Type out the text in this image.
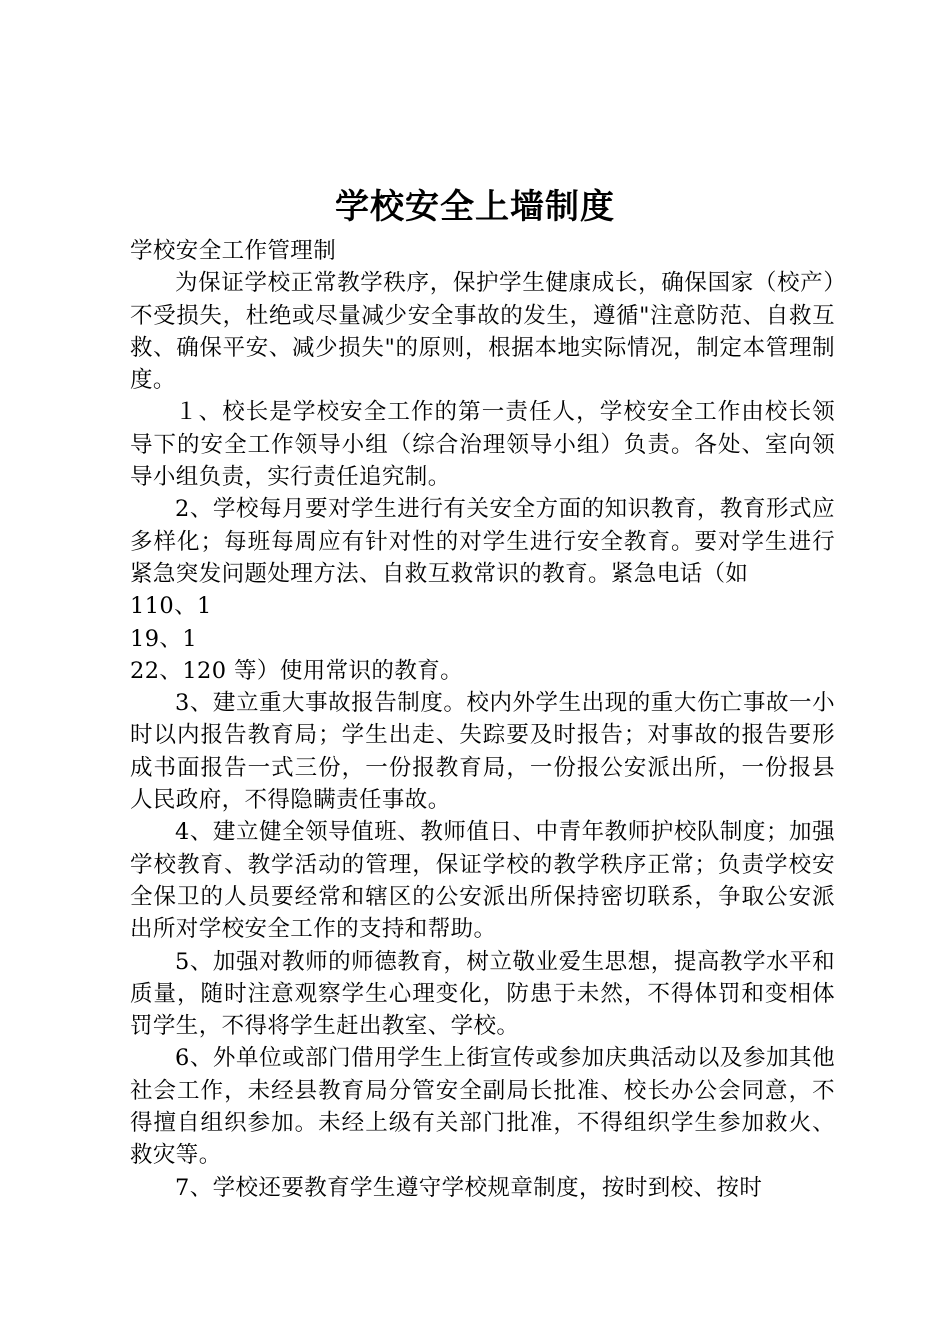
学校安全上墙制度

学校安全工作管理制

为保证学校正常教学秩序，保护学生健康成长，确保国家（校产）不受损失，杜绝或尽量减少安全事故的发生，遵循"注意防范、自救互救、确保平安、减少损失"的原则，根据本地实际情况，制定本管理制度。

１、校长是学校安全工作的第一责任人，学校安全工作由校长领导下的安全工作领导小组（综合治理领导小组）负责。各处、室向领导小组负责，实行责任追究制。

2、学校每月要对学生进行有关安全方面的知识教育，教育形式应多样化；每班每周应有针对性的对学生进行安全教育。要对学生进行紧急突发问题处理方法、自救互救常识的教育。紧急电话（如

110、1

19、1

22、120 等）使用常识的教育。

3、建立重大事故报告制度。校内外学生出现的重大伤亡事故一小时以内报告教育局；学生出走、失踪要及时报告；对事故的报告要形成书面报告一式三份，一份报教育局，一份报公安派出所，一份报县人民政府，不得隐瞒责任事故。

4、建立健全领导值班、教师值日、中青年教师护校队制度；加强学校教育、教学活动的管理，保证学校的教学秩序正常；负责学校安全保卫的人员要经常和辖区的公安派出所保持密切联系，争取公安派出所对学校安全工作的支持和帮助。

5、加强对教师的师德教育，树立敬业爱生思想，提高教学水平和质量，随时注意观察学生心理变化，防患于未然，不得体罚和变相体罚学生，不得将学生赶出教室、学校。

6、外单位或部门借用学生上街宣传或参加庆典活动以及参加其他社会工作，未经县教育局分管安全副局长批准、校长办公会同意，不得擅自组织参加。未经上级有关部门批准，不得组织学生参加救火、救灾等。

7、学校还要教育学生遵守学校规章制度，按时到校、按时
